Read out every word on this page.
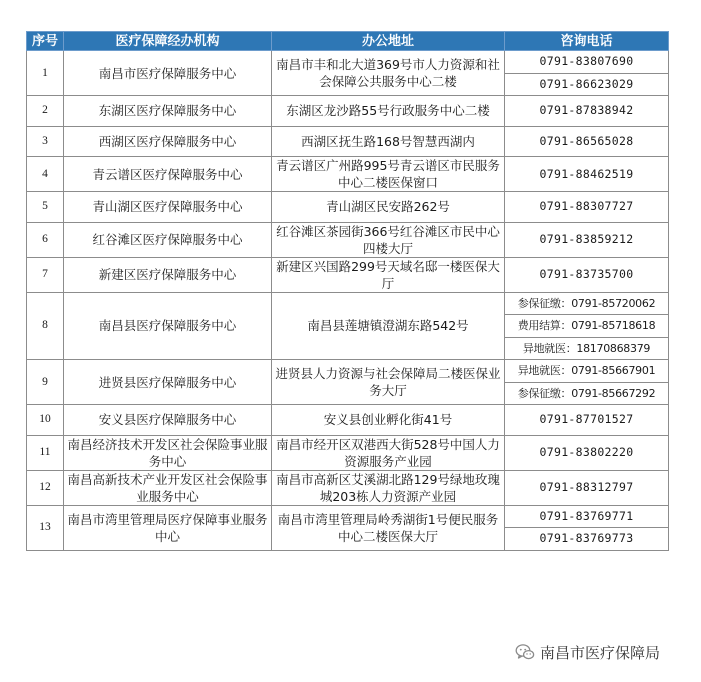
序号	医疗保障经办机构	办公地址	咨询电话
1	南昌市医疗保障服务中心	南昌市丰和北大道369号市人力资源和社会保障公共服务中心二楼	0791-83807690
			0791-86623029
2	东湖区医疗保障服务中心	东湖区龙沙路55号行政服务中心二楼	0791-87838942
3	西湖区医疗保障服务中心	西湖区抚生路168号智慧西湖内	0791-86565028
4	青云谱区医疗保障服务中心	青云谱区广州路995号青云谱区市民服务中心二楼医保窗口	0791-88462519
5	青山湖区医疗保障服务中心	青山湖区民安路262号	0791-88307727
6	红谷滩区医疗保障服务中心	红谷滩区茶园街366号红谷滩区市民中心四楼大厅	0791-83859212
7	新建区医疗保障服务中心	新建区兴国路299号天域名邸一楼医保大厅	0791-83735700
8	南昌县医疗保障服务中心	南昌县莲塘镇澄湖东路542号	参保征缴：0791-85720062
			费用结算：0791-85718618
			异地就医：18170868379
9	进贤县医疗保障服务中心	进贤县人力资源与社会保障局二楼医保业务大厅	异地就医：0791-85667901
			参保征缴：0791-85667292
10	安义县医疗保障服务中心	安义县创业孵化街41号	0791-87701527
11	南昌经济技术开发区社会保险事业服务中心	南昌市经开区双港西大街528号中国人力资源服务产业园	0791-83802220
12	南昌高新技术产业开发区社会保险事业服务中心	南昌市高新区艾溪湖北路129号绿地玫瑰城203栋人力资源产业园	0791-88312797
13	南昌市湾里管理局医疗保障事业服务中心	南昌市湾里管理局岭秀湖街1号便民服务中心二楼医保大厅	0791-83769771
			0791-83769773
南昌市医疗保障局
